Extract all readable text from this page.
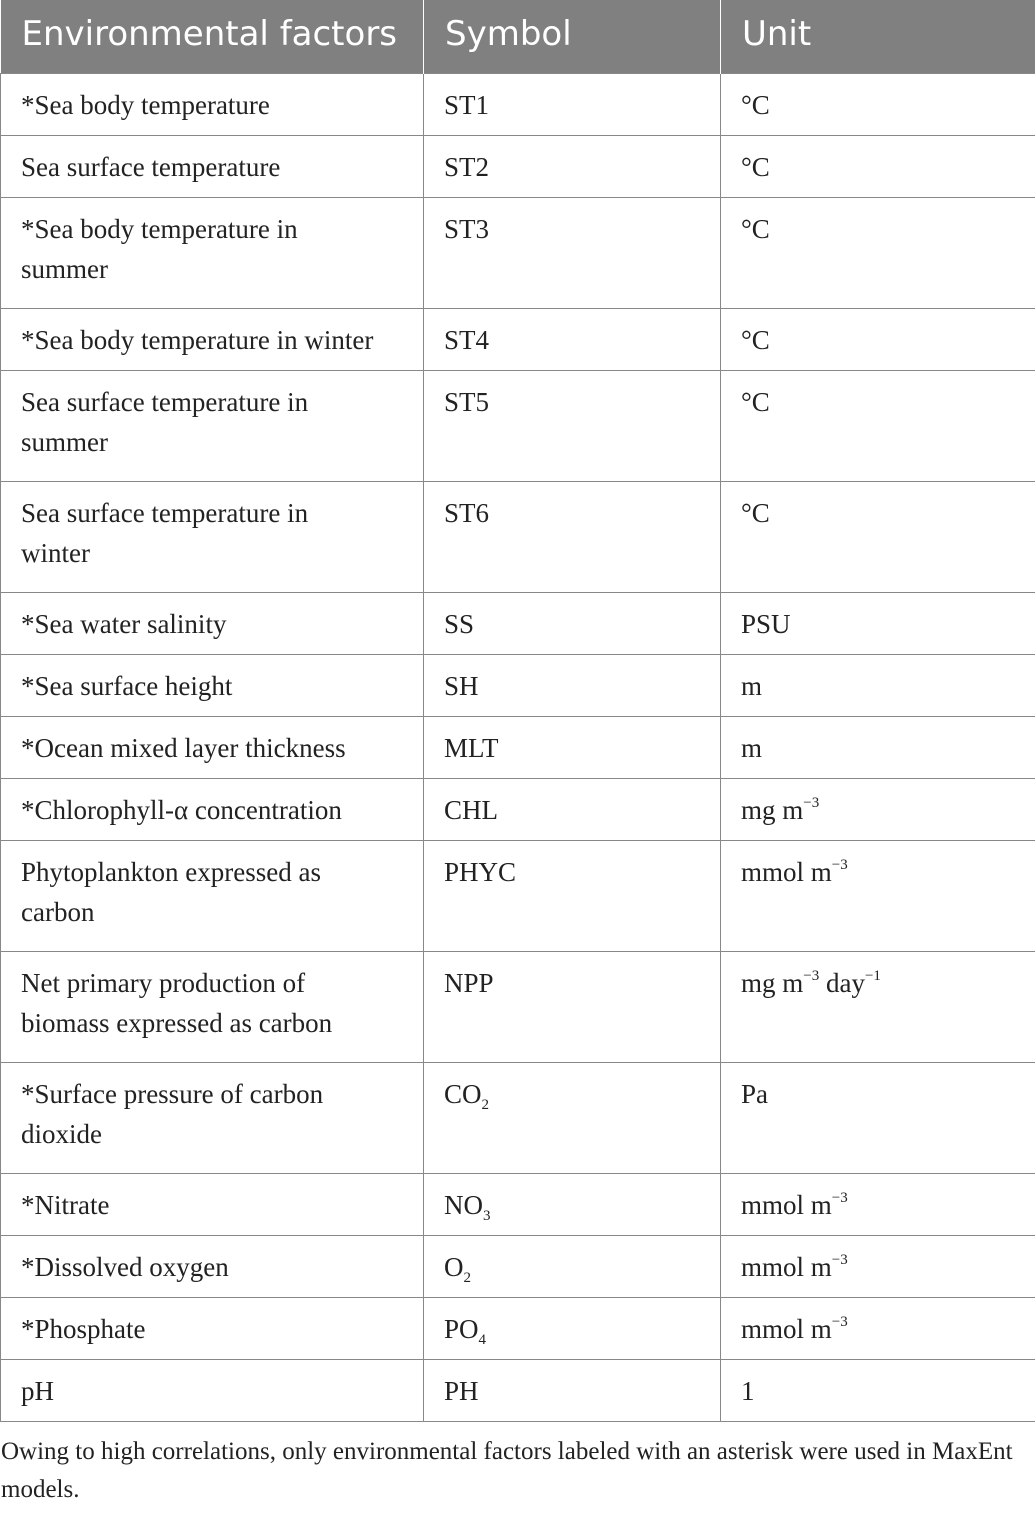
Environmental factors	Symbol	Unit

*Sea body temperature	ST1	°C

Sea surface temperature	ST2	°C

*Sea body temperature in
summer	ST3	°C

*Sea body temperature in winter	ST4	°C

Sea surface temperature in
summer	ST5	°C

Sea surface temperature in
winter	ST6	°C

*Sea water salinity	SS	PSU

*Sea surface height	SH	m

*Ocean mixed layer thickness	MLT	m

*Chlorophyll-α concentration	CHL	mg $m^{-3}$

Phytoplankton expressed as
carbon	PHYC	mmol $m^{-3}$

Net primary production of
biomass expressed as carbon	NPP	mg $m^{-3}$ day$^{-1}$

*Surface pressure of carbon
dioxide	$CO_2$	Pa

*Nitrate	$NO_3$	mmol $m^{-3}$

*Dissolved oxygen	$O_2$	mmol $m^{-3}$

*Phosphate	$PO_4$	mmol $m^{-3}$

pH	PH	1

Owing to high correlations, only environmental factors labeled with an asterisk were used in MaxEnt models.
